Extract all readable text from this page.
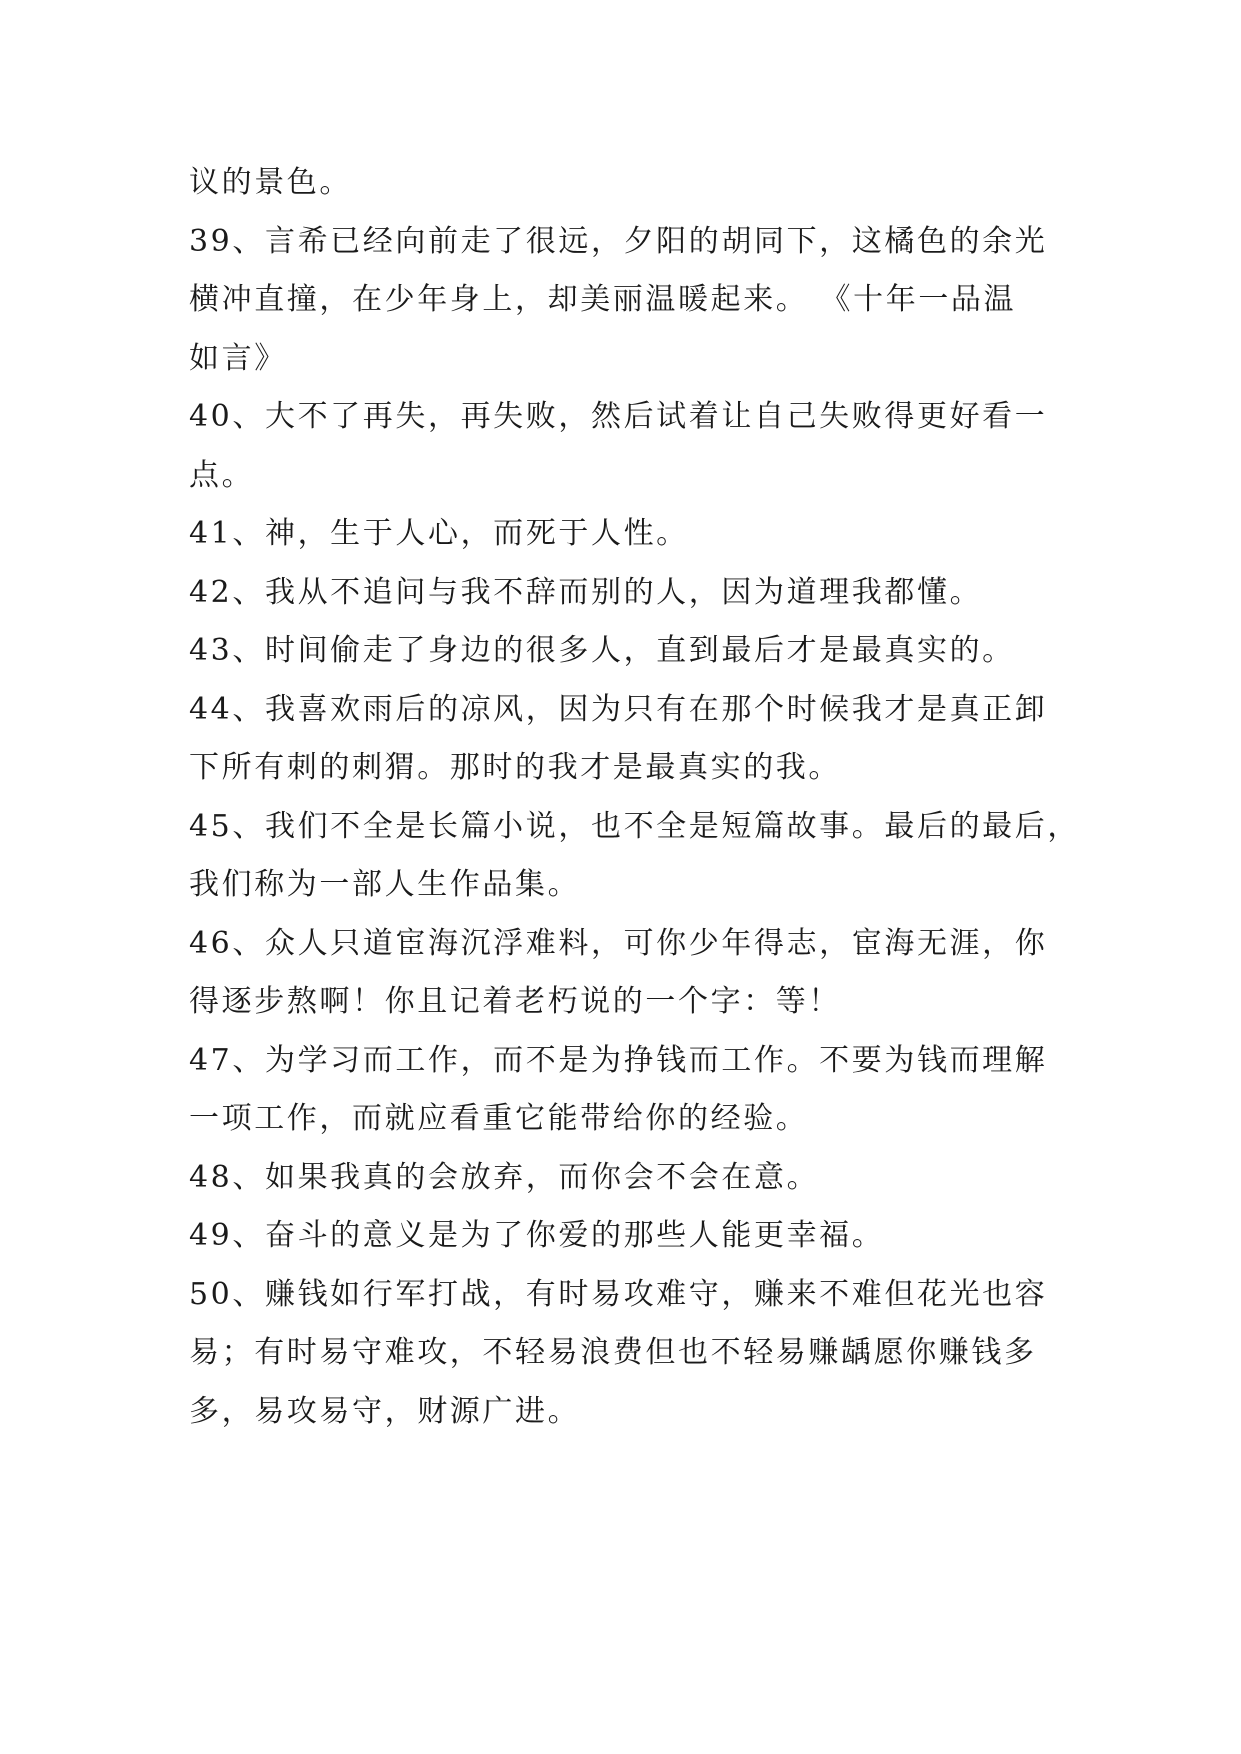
议的景色。
39、言希已经向前走了很远，夕阳的胡同下，这橘色的余光
横冲直撞，在少年身上，却美丽温暖起来。 《十年一品温
如言》
40、大不了再失，再失败，然后试着让自己失败得更好看一
点。
41、神，生于人心，而死于人性。
42、我从不追问与我不辞而别的人，因为道理我都懂。
43、时间偷走了身边的很多人，直到最后才是最真实的。
44、我喜欢雨后的凉风，因为只有在那个时候我才是真正卸
下所有刺的刺猬。那时的我才是最真实的我。
45、我们不全是长篇小说，也不全是短篇故事。最后的最后，
我们称为一部人生作品集。
46、众人只道宦海沉浮难料，可你少年得志，宦海无涯，你
得逐步熬啊！你且记着老朽说的一个字：等！
47、为学习而工作，而不是为挣钱而工作。不要为钱而理解
一项工作，而就应看重它能带给你的经验。
48、如果我真的会放弃，而你会不会在意。
49、奋斗的意义是为了你爱的那些人能更幸福。
50、赚钱如行军打战，有时易攻难守，赚来不难但花光也容
易；有时易守难攻，不轻易浪费但也不轻易赚龋愿你赚钱多
多，易攻易守，财源广进。
